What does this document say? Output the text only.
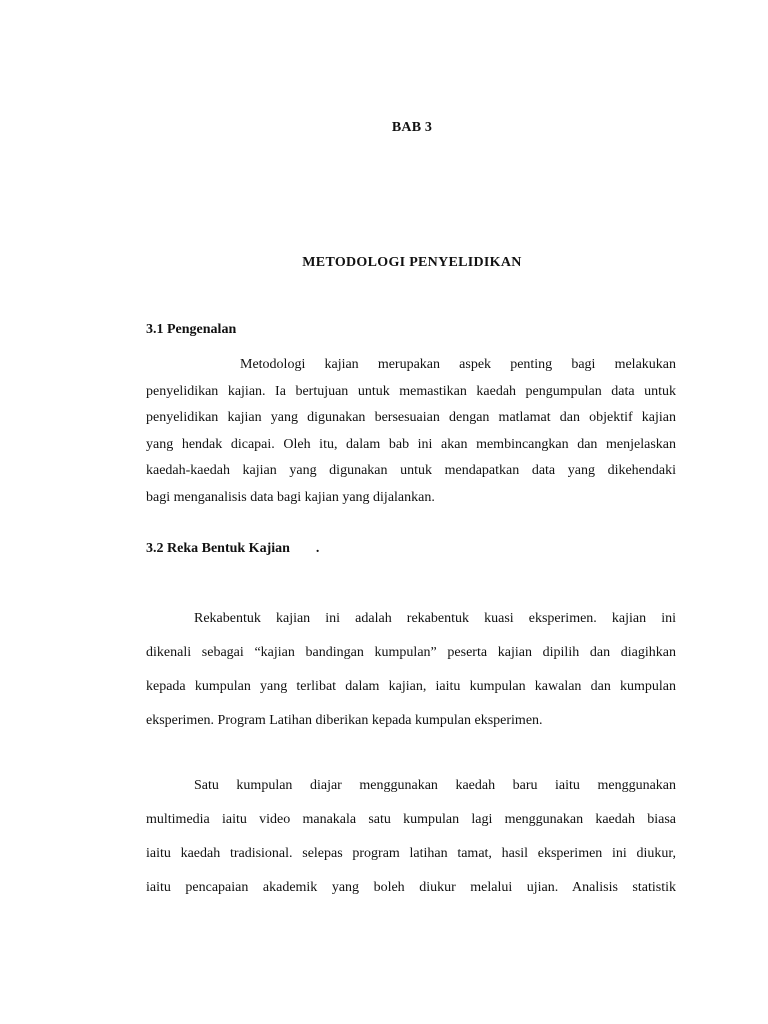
BAB 3
METODOLOGI PENYELIDIKAN
3.1 Pengenalan
Metodologi kajian merupakan aspek penting bagi melakukan
penyelidikan kajian. Ia bertujuan untuk memastikan kaedah pengumpulan data untuk
penyelidikan kajian yang digunakan bersesuaian dengan matlamat dan objektif kajian
yang hendak dicapai. Oleh itu, dalam bab ini akan membincangkan dan menjelaskan
kaedah-kaedah kajian yang digunakan untuk mendapatkan data yang dikehendaki
bagi menganalisis data bagi kajian yang dijalankan.
3.2 Reka Bentuk Kajian .
Rekabentuk kajian ini adalah rekabentuk kuasi eksperimen. kajian ini
dikenali sebagai “kajian bandingan kumpulan” peserta kajian dipilih dan diagihkan
kepada kumpulan yang terlibat dalam kajian, iaitu kumpulan kawalan dan kumpulan
eksperimen. Program Latihan diberikan kepada kumpulan eksperimen.
Satu kumpulan diajar menggunakan kaedah baru iaitu menggunakan
multimedia iaitu video manakala satu kumpulan lagi menggunakan kaedah biasa
iaitu kaedah tradisional. selepas program latihan tamat, hasil eksperimen ini diukur,
iaitu pencapaian akademik yang boleh diukur melalui ujian. Analisis statistik
